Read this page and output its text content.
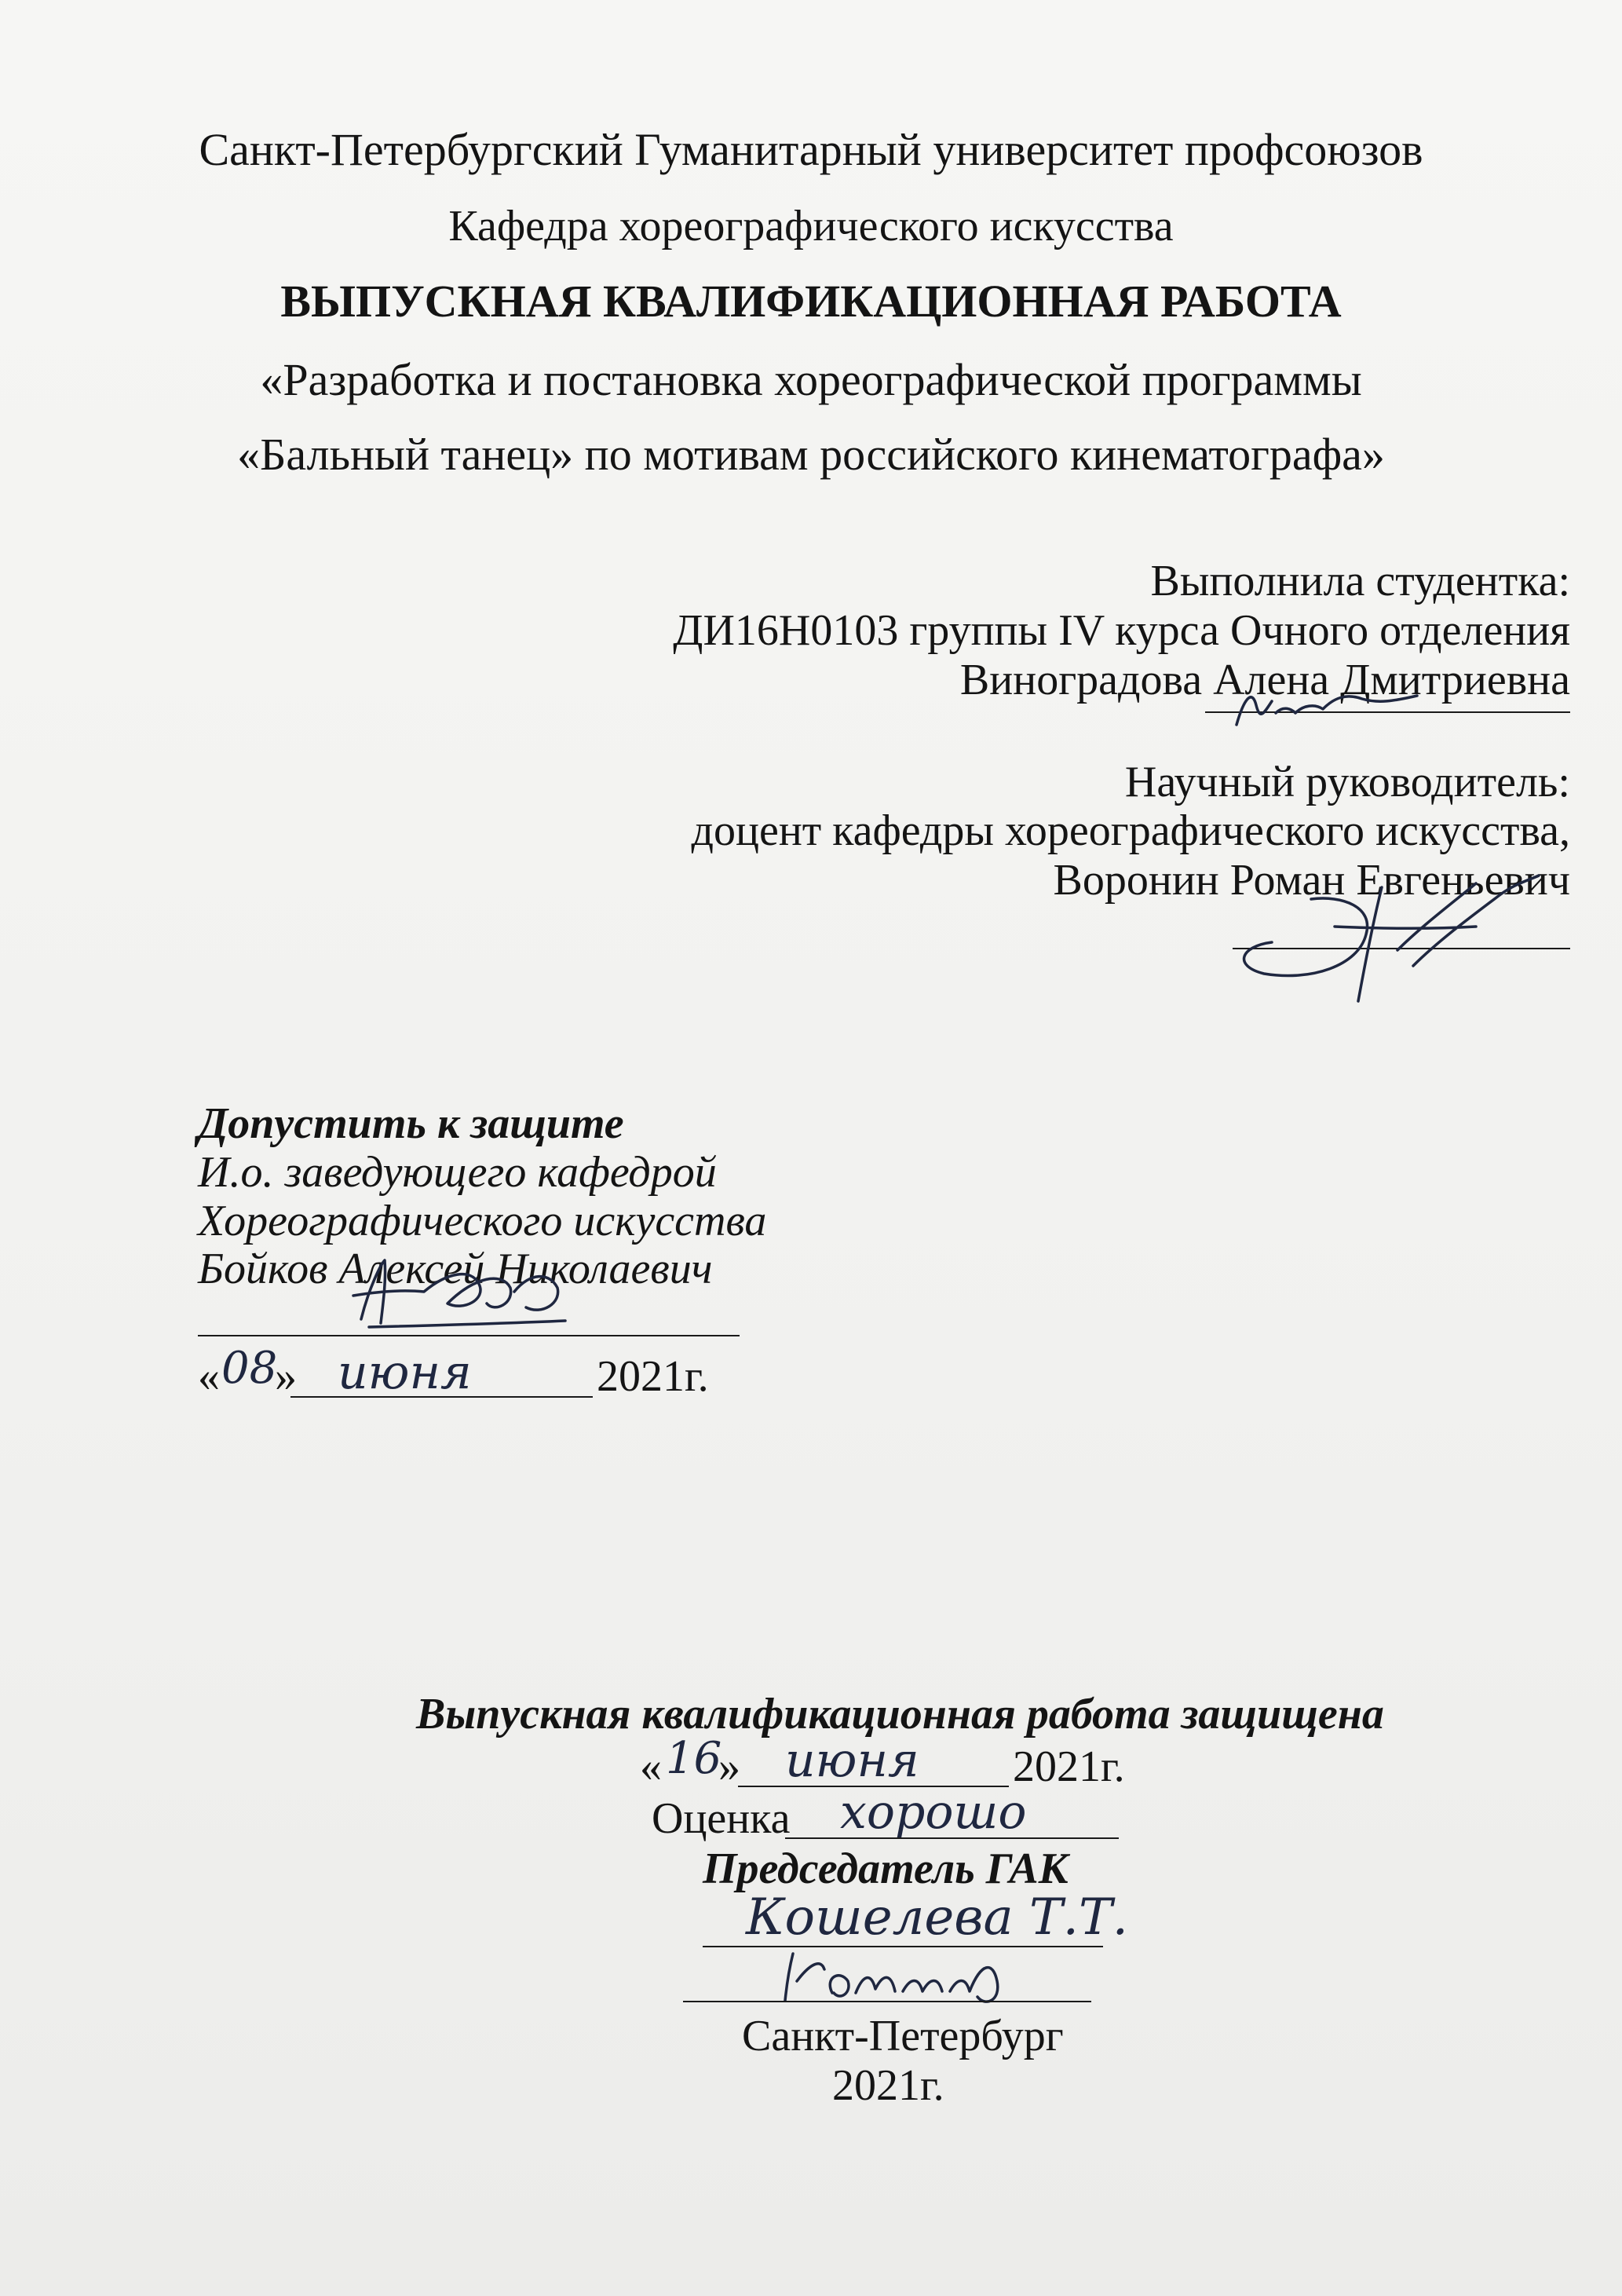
Санкт-Петербургский Гуманитарный университет профсоюзов
Кафедра хореографического искусства
ВЫПУСКНАЯ КВАЛИФИКАЦИОННАЯ РАБОТА
«Разработка и постановка хореографической программы
«Бальный танец» по мотивам российского кинематографа»
Выполнила студентка:
ДИ16Н0103 группы IV курса Очного отделения
Виноградова Алена Дмитриевна
Научный руководитель:
доцент кафедры хореографического искусства,
Воронин Роман Евгеньевич
Допустить к защите
И.о. заведующего кафедрой
Хореографического искусства
Бойков Алексей Николаевич
« 08
» июня	2021г.
Выпускная квалификационная работа защищена
« 16
» июня 2021г.
Оценка хорошо
Председатель ГАК
Кошелева Т.Т.
Санкт-Петербург
2021г.
